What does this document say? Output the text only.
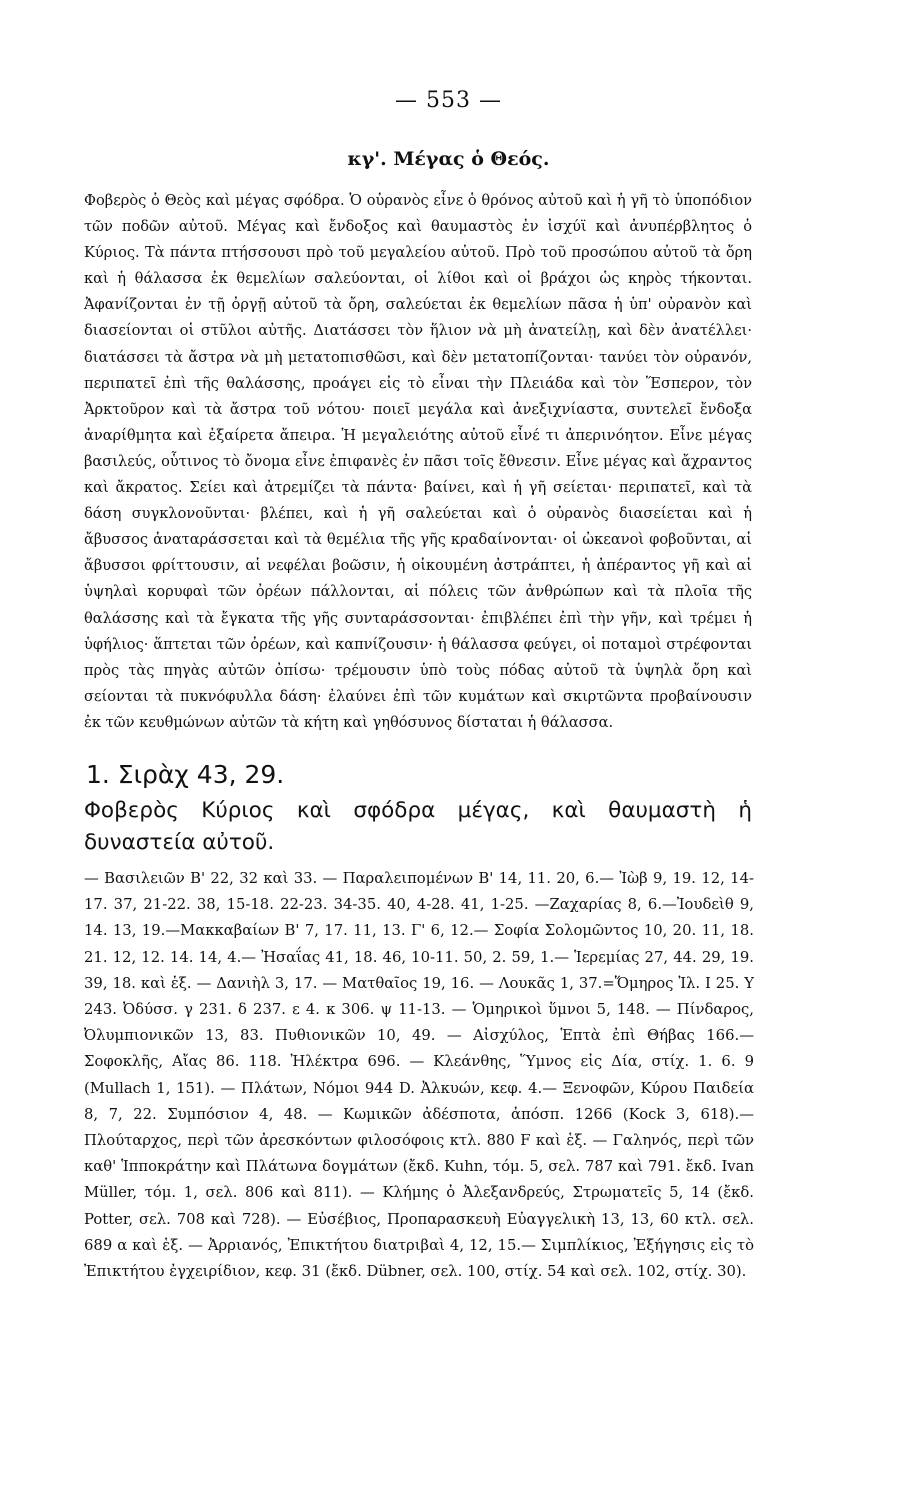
— 553 —
κγ'. Μέγας ὁ Θεός.

Φοβερὸς ὁ Θεὸς καὶ μέγας σφόδρα. Ὁ οὐρανὸς εἶνε ὁ θρόνος αὐτοῦ καὶ ἡ γῆ τὸ ὑποπόδιον τῶν ποδῶν αὐτοῦ. Μέγας καὶ ἔνδοξος καὶ θαυμαστὸς ἐν ἰσχύϊ καὶ ἀνυπέρβλητος ὁ Κύριος. Τὰ πάντα πτήσσουσι πρὸ τοῦ μεγαλείου αὐτοῦ. Πρὸ τοῦ προσώπου αὐτοῦ τὰ ὄρη καὶ ἡ θάλασσα ἐκ θεμελίων σαλεύονται, οἱ λίθοι καὶ οἱ βράχοι ὡς κηρὸς τήκονται. Ἀφανίζονται ἐν τῇ ὀργῇ αὐτοῦ τὰ ὄρη, σαλεύεται ἐκ θεμελίων πᾶσα ἡ ὑπ' οὐρανὸν καὶ διασείονται οἱ στῦλοι αὐτῆς. Διατάσσει τὸν ἥλιον νὰ μὴ ἀνατείλῃ, καὶ δὲν ἀνατέλλει· διατάσσει τὰ ἄστρα νὰ μὴ μετατοπισθῶσι, καὶ δὲν μετατοπίζονται· τανύει τὸν οὐρανόν, περιπατεῖ ἐπὶ τῆς θαλάσσης, προάγει εἰς τὸ εἶναι τὴν Πλειάδα καὶ τὸν Ἕσπερον, τὸν Ἀρκτοῦρον καὶ τὰ ἄστρα τοῦ νότου· ποιεῖ μεγάλα καὶ ἀνεξιχνίαστα, συντελεῖ ἔνδοξα ἀναρίθμητα καὶ ἐξαίρετα ἄπειρα. Ἡ μεγαλειότης αὐτοῦ εἶνέ τι ἀπερινόητον. Εἶνε μέγας βασιλεύς, οὗτινος τὸ ὄνομα εἶνε ἐπιφανὲς ἐν πᾶσι τοῖς ἔθνεσιν. Εἶνε μέγας καὶ ἄχραντος καὶ ἄκρατος. Σείει καὶ ἀτρεμίζει τὰ πάντα· βαίνει, καὶ ἡ γῆ σείεται· περιπατεῖ, καὶ τὰ δάση συγκλονοῦνται· βλέπει, καὶ ἡ γῆ σαλεύεται καὶ ὁ οὐρανὸς διασείεται καὶ ἡ ἄβυσσος ἀναταράσσεται καὶ τὰ θεμέλια τῆς γῆς κραδαίνονται· οἱ ὠκεανοὶ φοβοῦνται, αἱ ἄβυσσοι φρίττουσιν, αἱ νεφέλαι βοῶσιν, ἡ οἰκουμένη ἀστράπτει, ἡ ἀπέραντος γῆ καὶ αἱ ὑψηλαὶ κορυφαὶ τῶν ὀρέων πάλλονται, αἱ πόλεις τῶν ἀνθρώπων καὶ τὰ πλοῖα τῆς θαλάσσης καὶ τὰ ἔγκατα τῆς γῆς συνταράσσονται· ἐπιβλέπει ἐπὶ τὴν γῆν, καὶ τρέμει ἡ ὑφήλιος· ἅπτεται τῶν ὀρέων, καὶ καπνίζουσιν· ἡ θάλασσα φεύγει, οἱ ποταμοὶ στρέφονται πρὸς τὰς πηγὰς αὐτῶν ὀπίσω· τρέμουσιν ὑπὸ τοὺς πόδας αὐτοῦ τὰ ὑψηλὰ ὄρη καὶ σείονται τὰ πυκνόφυλλα δάση· ἐλαύνει ἐπὶ τῶν κυμάτων καὶ σκιρτῶντα προβαίνουσιν ἐκ τῶν κευθμώνων αὐτῶν τὰ κήτη καὶ γηθόσυνος δίσταται ἡ θάλασσα.

1. Σιρὰχ 43, 29.

Φοβερὸς Κύριος καὶ σφόδρα μέγας, καὶ θαυμαστὴ ἡ δυναστεία αὐτοῦ.

— Βασιλειῶν Β' 22, 32 καὶ 33. — Παραλειπομένων Β' 14, 11. 20, 6.— Ἰὼβ 9, 19. 12, 14-17. 37, 21-22. 38, 15-18. 22-23. 34-35. 40, 4-28. 41, 1-25. —Ζαχαρίας 8, 6.—Ἰουδεὶθ 9, 14. 13, 19.—Μακκαβαίων Β' 7, 17. 11, 13. Γ' 6, 12.— Σοφία Σολομῶντος 10, 20. 11, 18. 21. 12, 12. 14. 14, 4.— Ἠσαΐας 41, 18. 46, 10-11. 50, 2. 59, 1.— Ἱερεμίας 27, 44. 29, 19. 39, 18. καὶ ἑξ. — Δανιὴλ 3, 17. — Ματθαῖος 19, 16. — Λουκᾶς 1, 37.=Ὅμηρος Ἰλ. Ι 25. Υ 243. Ὀδύσσ. γ 231. δ 237. ε 4. κ 306. ψ 11-13. — Ὁμηρικοὶ ὕμνοι 5, 148. — Πίνδαρος, Ὀλυμπιονικῶν 13, 83. Πυθιονικῶν 10, 49. — Αἰσχύλος, Ἑπτὰ ἐπὶ Θήβας 166.— Σοφοκλῆς, Αἴας 86. 118. Ἠλέκτρα 696. — Κλεάνθης, Ὕμνος εἰς Δία, στίχ. 1. 6. 9 (Mullach 1, 151). — Πλάτων, Νόμοι 944 D. Ἀλκυών, κεφ. 4.— Ξενοφῶν, Κύρου Παιδεία 8, 7, 22. Συμπόσιον 4, 48. — Κωμικῶν ἀδέσποτα, ἀπόσπ. 1266 (Kock 3, 618).— Πλούταρχος, περὶ τῶν ἀρεσκόντων φιλοσόφοις κτλ. 880 F καὶ ἑξ. — Γαληνός, περὶ τῶν καθ' Ἱπποκράτην καὶ Πλάτωνα δογμάτων (ἔκδ. Kuhn, τόμ. 5, σελ. 787 καὶ 791. ἔκδ. Ivan Müller, τόμ. 1, σελ. 806 καὶ 811). — Κλήμης ὁ Ἀλεξανδρεύς, Στρωματεῖς 5, 14 (ἔκδ. Potter, σελ. 708 καὶ 728). — Εὐσέβιος, Προπαρασκευὴ Εὐαγγελικὴ 13, 13, 60 κτλ. σελ. 689 α καὶ ἑξ. — Ἀρριανός, Ἐπικτήτου διατριβαὶ 4, 12, 15.— Σιμπλίκιος, Ἐξήγησις εἰς τὸ Ἐπικτήτου ἐγχειρίδιον, κεφ. 31 (ἔκδ. Dübner, σελ. 100, στίχ. 54 καὶ σελ. 102, στίχ. 30).
